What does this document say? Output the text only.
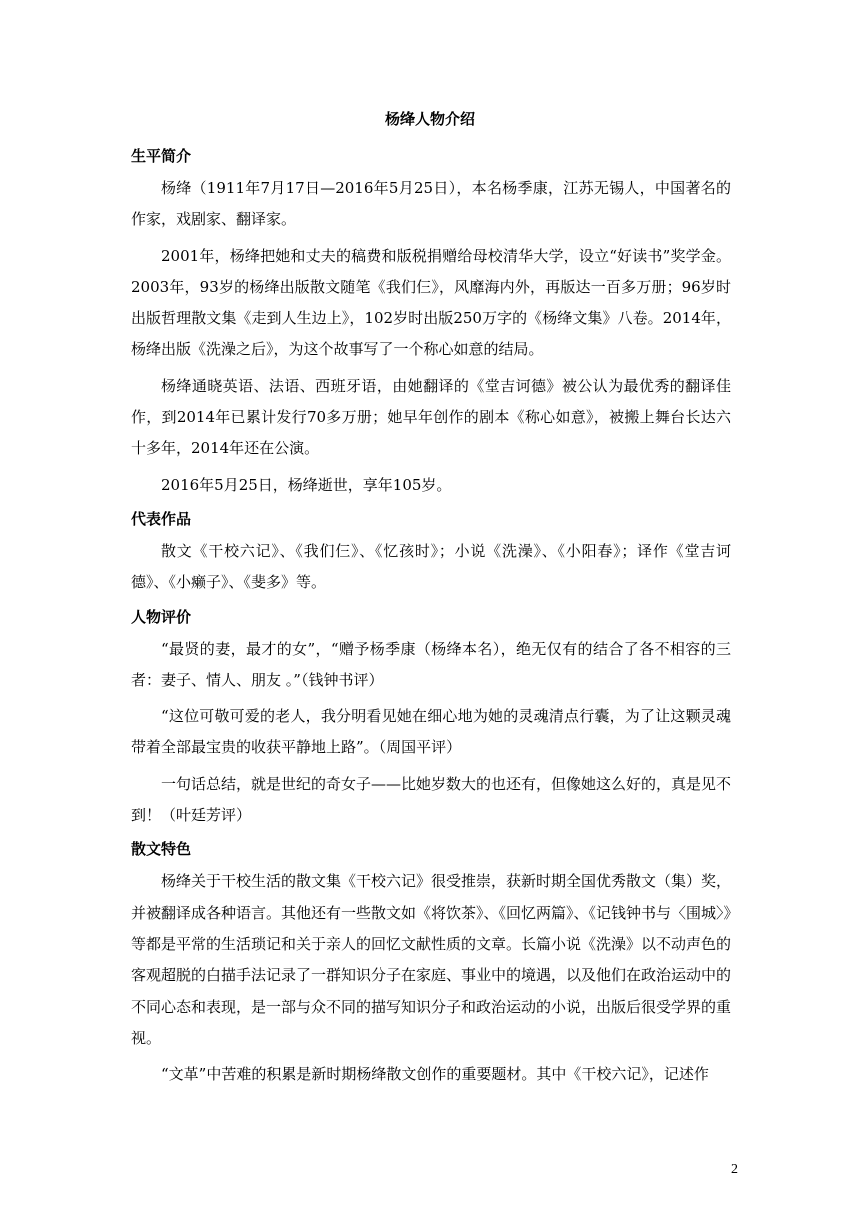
杨绛人物介绍
生平简介

杨绛（1911年7月17日—2016年5月25日），本名杨季康，江苏无锡人，中国著名的作家，戏剧家、翻译家。

2001年，杨绛把她和丈夫的稿费和版税捐赠给母校清华大学，设立“好读书”奖学金。2003年，93岁的杨绛出版散文随笔《我们仨》，风靡海内外，再版达一百多万册；96岁时出版哲理散文集《走到人生边上》，102岁时出版250万字的《杨绛文集》八卷。2014年，杨绛出版《洗澡之后》，为这个故事写了一个称心如意的结局。

杨绛通晓英语、法语、西班牙语，由她翻译的《堂吉诃德》被公认为最优秀的翻译佳作，到2014年已累计发行70多万册；她早年创作的剧本《称心如意》，被搬上舞台长达六十多年，2014年还在公演。

2016年5月25日，杨绛逝世，享年105岁。

代表作品

散文《干校六记》、《我们仨》、《忆孩时》；小说《洗澡》、《小阳春》；译作《堂吉诃德》、《小癞子》、《斐多》等。

人物评价

“最贤的妻，最才的女”，“赠予杨季康（杨绛本名），绝无仅有的结合了各不相容的三者：妻子、情人、朋友 。”（钱钟书评）

“这位可敬可爱的老人，我分明看见她在细心地为她的灵魂清点行囊，为了让这颗灵魂带着全部最宝贵的收获平静地上路”。（周国平评）

一句话总结，就是世纪的奇女子——比她岁数大的也还有，但像她这么好的，真是见不到！（叶廷芳评）

散文特色

杨绛关于干校生活的散文集《干校六记》很受推崇，获新时期全国优秀散文（集）奖，并被翻译成各种语言。其他还有一些散文如《将饮茶》、《回忆两篇》、《记钱钟书与〈围城〉》等都是平常的生活琐记和关于亲人的回忆文献性质的文章。长篇小说《洗澡》以不动声色的客观超脱的白描手法记录了一群知识分子在家庭、事业中的境遇，以及他们在政治运动中的不同心态和表现，是一部与众不同的描写知识分子和政治运动的小说，出版后很受学界的重视。

“文革”中苦难的积累是新时期杨绛散文创作的重要题材。其中《干校六记》，记述作

2
